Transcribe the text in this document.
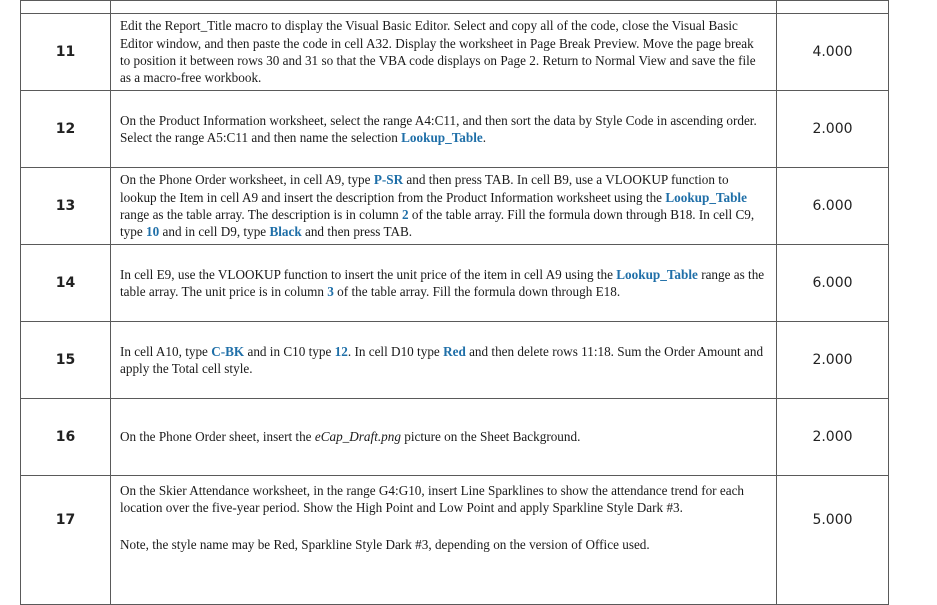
11	Edit the Report_Title macro to display the Visual Basic Editor. Select and copy all of the code, close the Visual Basic Editor window, and then paste the code in cell A32. Display the worksheet in Page Break Preview. Move the page break to position it between rows 30 and 31 so that the VBA code displays on Page 2. Return to Normal View and save the file as a macro-free workbook.	4.000
12	On the Product Information worksheet, select the range A4:C11, and then sort the data by Style Code in ascending order. Select the range A5:C11 and then name the selection Lookup_Table.	2.000
13	On the Phone Order worksheet, in cell A9, type P-SR and then press TAB. In cell B9, use a VLOOKUP function to lookup the Item in cell A9 and insert the description from the Product Information worksheet using the Lookup_Table range as the table array. The description is in column 2 of the table array. Fill the formula down through B18. In cell C9, type 10 and in cell D9, type Black and then press TAB.	6.000
14	In cell E9, use the VLOOKUP function to insert the unit price of the item in cell A9 using the Lookup_Table range as the table array. The unit price is in column 3 of the table array. Fill the formula down through E18.	6.000
15	In cell A10, type C-BK and in C10 type 12. In cell D10 type Red and then delete rows 11:18. Sum the Order Amount and apply the Total cell style.	2.000
16	On the Phone Order sheet, insert the eCap_Draft.png picture on the Sheet Background.	2.000
17	On the Skier Attendance worksheet, in the range G4:G10, insert Line Sparklines to show the attendance trend for each location over the five-year period. Show the High Point and Low Point and apply Sparkline Style Dark #3.
Note, the style name may be Red, Sparkline Style Dark #3, depending on the version of Office used.	5.000
